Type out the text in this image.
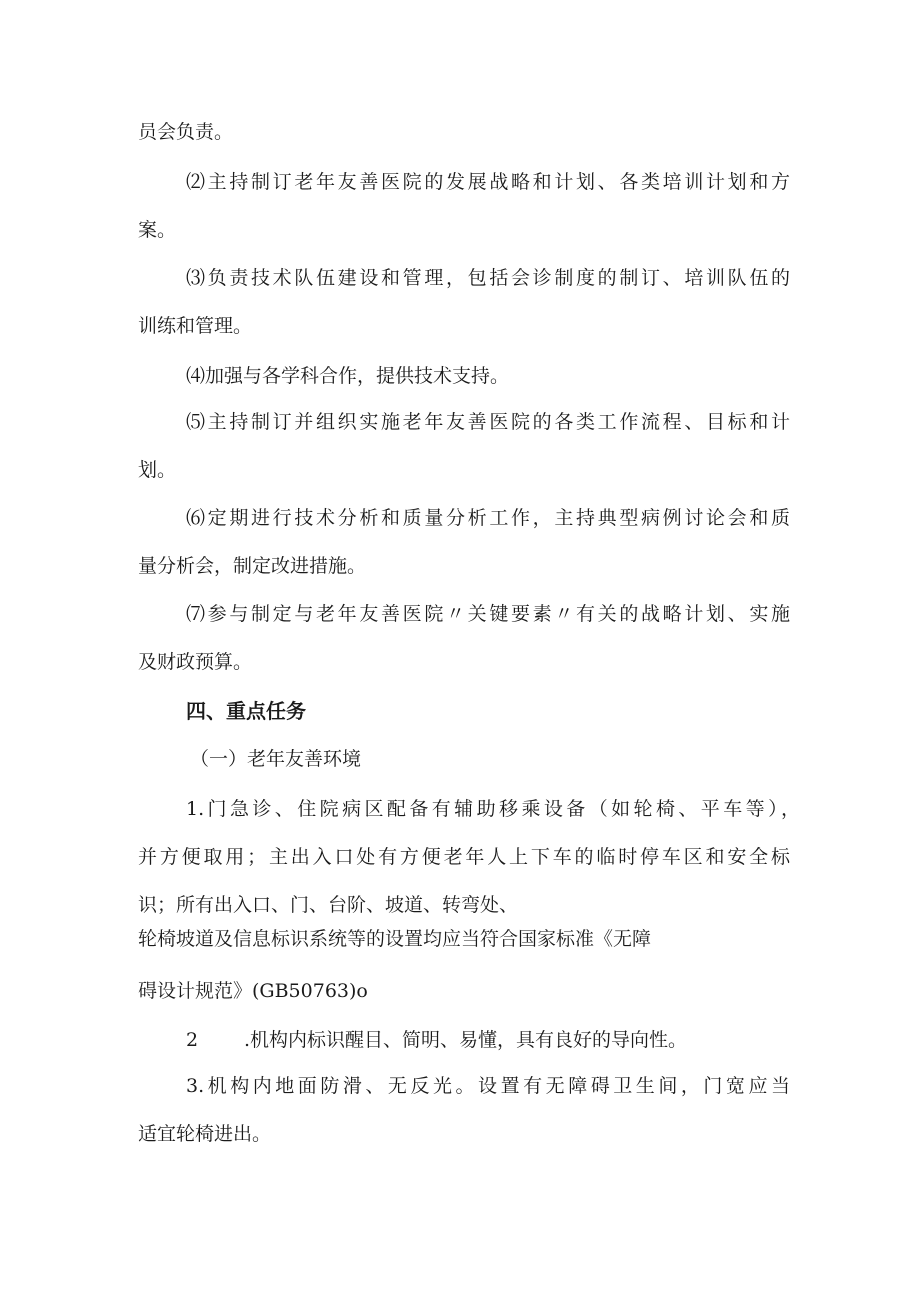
员会负责。
⑵主持制订老年友善医院的发展战略和计划、各类培训计划和方
案。
⑶负责技术队伍建设和管理，包括会诊制度的制订、培训队伍的
训练和管理。
⑷加强与各学科合作，提供技术支持。
⑸主持制订并组织实施老年友善医院的各类工作流程、目标和计
划。
⑹定期进行技术分析和质量分析工作，主持典型病例讨论会和质
量分析会，制定改进措施。
⑺参与制定与老年友善医院〃关键要素〃有关的战略计划、实施
及财政预算。
四、重点任务
（一）老年友善环境
1.门急诊、住院病区配备有辅助移乘设备（如轮椅、平车等），
并方便取用；主出入口处有方便老年人上下车的临时停车区和安全标
识；所有出入口、门、台阶、坡道、转弯处、
轮椅坡道及信息标识系统等的设置均应当符合国家标准《无障
碍设计规范》(GB50763)o
2 .机构内标识醒目、简明、易懂，具有良好的导向性。
3.机构内地面防滑、无反光。设置有无障碍卫生间，门宽应当
适宜轮椅进出。
